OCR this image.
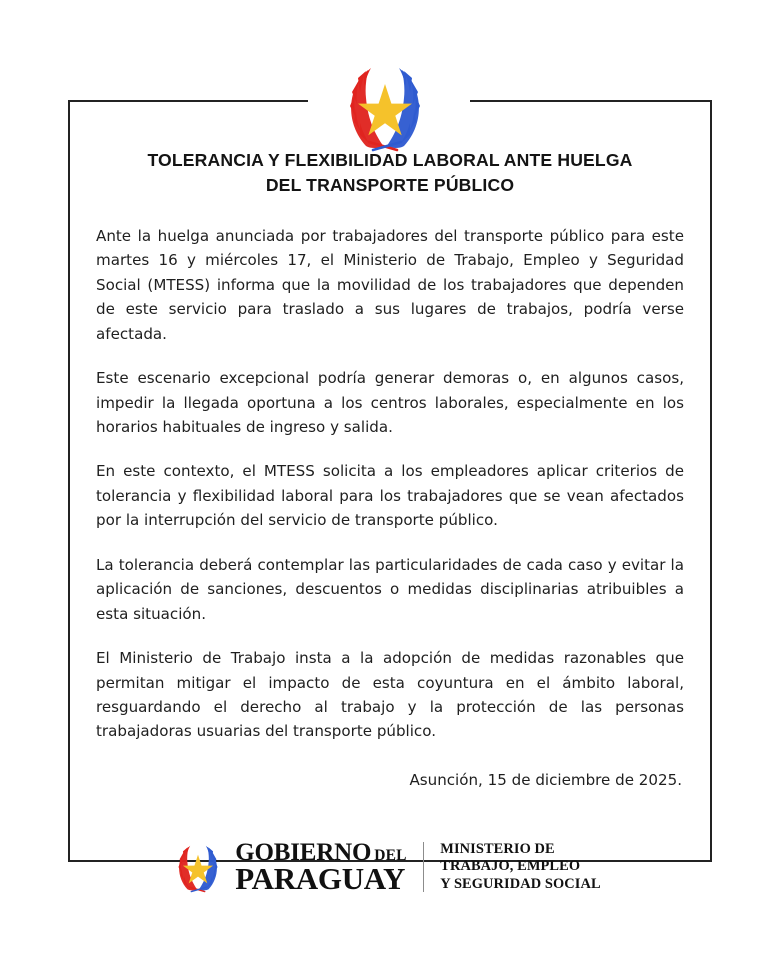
TOLERANCIA Y FLEXIBILIDAD LABORAL ANTE HUELGA
DEL TRANSPORTE PÚBLICO

Ante la huelga anunciada por trabajadores del transporte público para este martes 16 y miércoles 17, el Ministerio de Trabajo, Empleo y Seguridad Social (MTESS) informa que la movilidad de los trabajadores que dependen de este servicio para traslado a sus lugares de trabajos, podría verse afectada.

Este escenario excepcional podría generar demoras o, en algunos casos, impedir la llegada oportuna a los centros laborales, especialmente en los horarios habituales de ingreso y salida.

En este contexto, el MTESS solicita a los empleadores aplicar criterios de tolerancia y flexibilidad laboral para los trabajadores que se vean afectados por la interrupción del servicio de transporte público.

La tolerancia deberá contemplar las particularidades de cada caso y evitar la aplicación de sanciones, descuentos o medidas disciplinarias atribuibles a esta situación.

El Ministerio de Trabajo insta a la adopción de medidas razonables que permitan mitigar el impacto de esta coyuntura en el ámbito laboral, resguardando el derecho al trabajo y la protección de las personas trabajadoras usuarias del transporte público.

Asunción, 15 de diciembre de 2025.
GOBIERNO DEL
PARAGUAY
MINISTERIO DE
TRABAJO, EMPLEO
Y SEGURIDAD SOCIAL
